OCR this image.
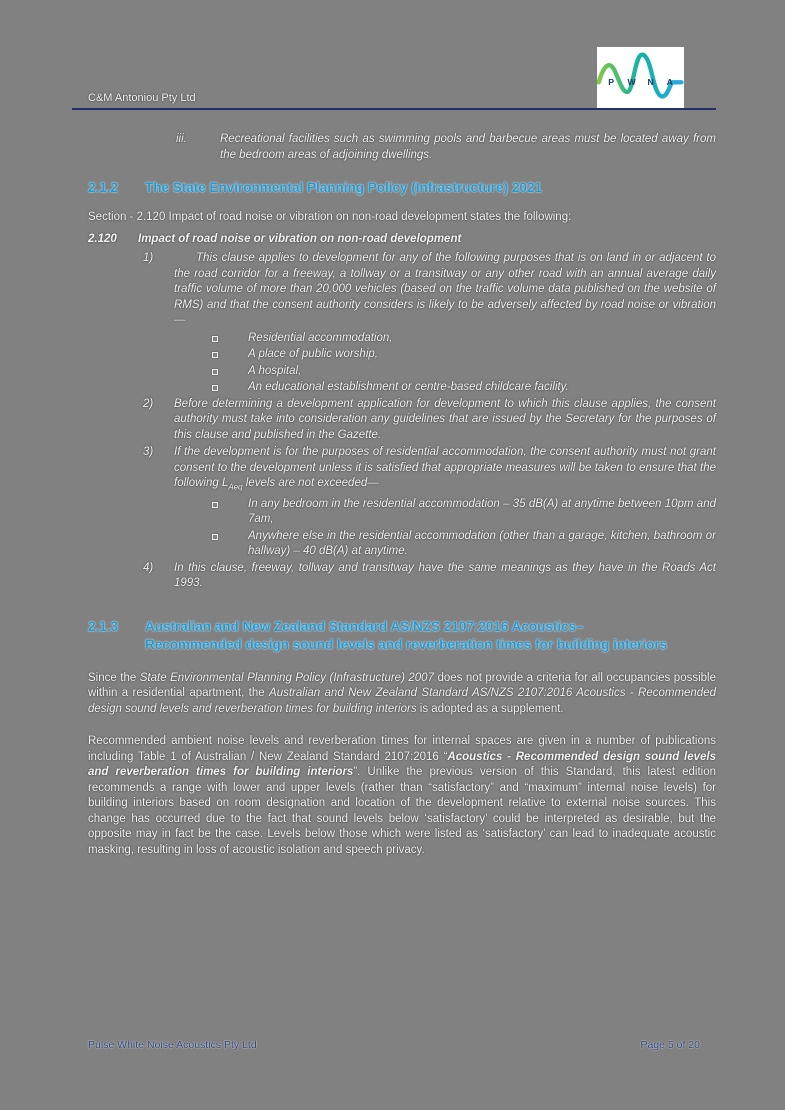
C&M Antoniou Pty Ltd
P W N A
iii.	Recreational facilities such as swimming pools and barbecue areas must be located away from the bedroom areas of adjoining dwellings.
2.1.2	The State Environmental Planning Policy (Infrastructure) 2021
Section - 2.120 Impact of road noise or vibration on non-road development states the following:
2.120	Impact of road noise or vibration on non-road development
1)	This clause applies to development for any of the following purposes that is on land in or adjacent to the road corridor for a freeway, a tollway or a transitway or any other road with an annual average daily traffic volume of more than 20,000 vehicles (based on the traffic volume data published on the website of RMS) and that the consent authority considers is likely to be adversely affected by road noise or vibration—
Residential accommodation,
A place of public worship,
A hospital,
An educational establishment or centre-based childcare facility.
2)	Before determining a development application for development to which this clause applies, the consent authority must take into consideration any guidelines that are issued by the Secretary for the purposes of this clause and published in the Gazette.
3)	If the development is for the purposes of residential accommodation, the consent authority must not grant consent to the development unless it is satisfied that appropriate measures will be taken to ensure that the following $L_{Aeq}$ levels are not exceeded—
In any bedroom in the residential accommodation – 35 dB(A) at anytime between 10pm and 7am,
Anywhere else in the residential accommodation (other than a garage, kitchen, bathroom or hallway) – 40 dB(A) at anytime.
4)	In this clause, freeway, tollway and transitway have the same meanings as they have in the Roads Act 1993.
2.1.3	Australian and New Zealand Standard AS/NZS 2107:2016 Acoustics–
Recommended design sound levels and reverberation times for building interiors

Since the State Environmental Planning Policy (Infrastructure) 2007 does not provide a criteria for all occupancies possible within a residential apartment, the Australian and New Zealand Standard AS/NZS 2107:2016 Acoustics - Recommended design sound levels and reverberation times for building interiors is adopted as a supplement.

Recommended ambient noise levels and reverberation times for internal spaces are given in a number of publications including Table 1 of Australian / New Zealand Standard 2107:2016 “Acoustics - Recommended design sound levels and reverberation times for building interiors”. Unlike the previous version of this Standard, this latest edition recommends a range with lower and upper levels (rather than “satisfactory” and “maximum” internal noise levels) for building interiors based on room designation and location of the development relative to external noise sources. This change has occurred due to the fact that sound levels below ‘satisfactory’ could be interpreted as desirable, but the opposite may in fact be the case. Levels below those which were listed as ‘satisfactory’ can lead to inadequate acoustic masking, resulting in loss of acoustic isolation and speech privacy.

Pulse White Noise Acoustics Pty Ltd	Page 5 of 20
